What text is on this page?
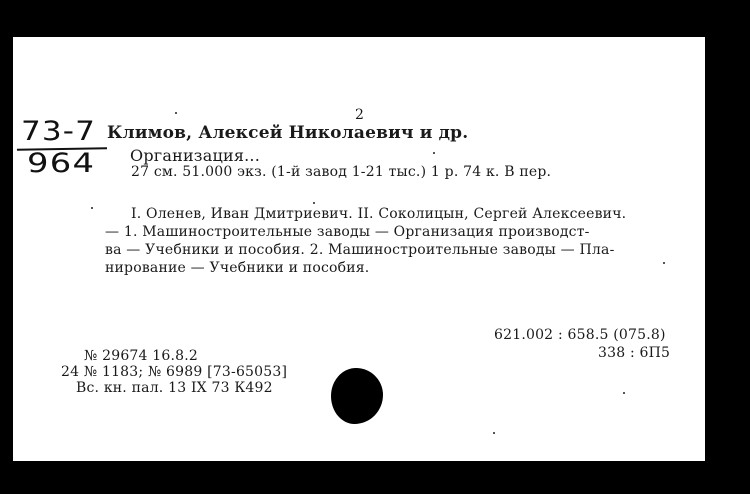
2
73-7
964
Климов, Алексей Николаевич и др.
Организация...
27 см. 51.000 экз. (1-й завод 1-21 тыс.) 1 р. 74 к. В пер.
I. Оленев, Иван Дмитриевич. II. Соколицын, Сергей Алексеевич.
— 1. Машиностроительные заводы — Организация производст-
ва — Учебники и пособия. 2. Машиностроительные заводы — Пла-
нирование — Учебники и пособия.
621.002 : 658.5 (075.8)
338 : 6П5
№ 29674 16.8.2
24 № 1183; № 6989 [73-65053]
Вс. кн. пал. 13 IX 73 К492
